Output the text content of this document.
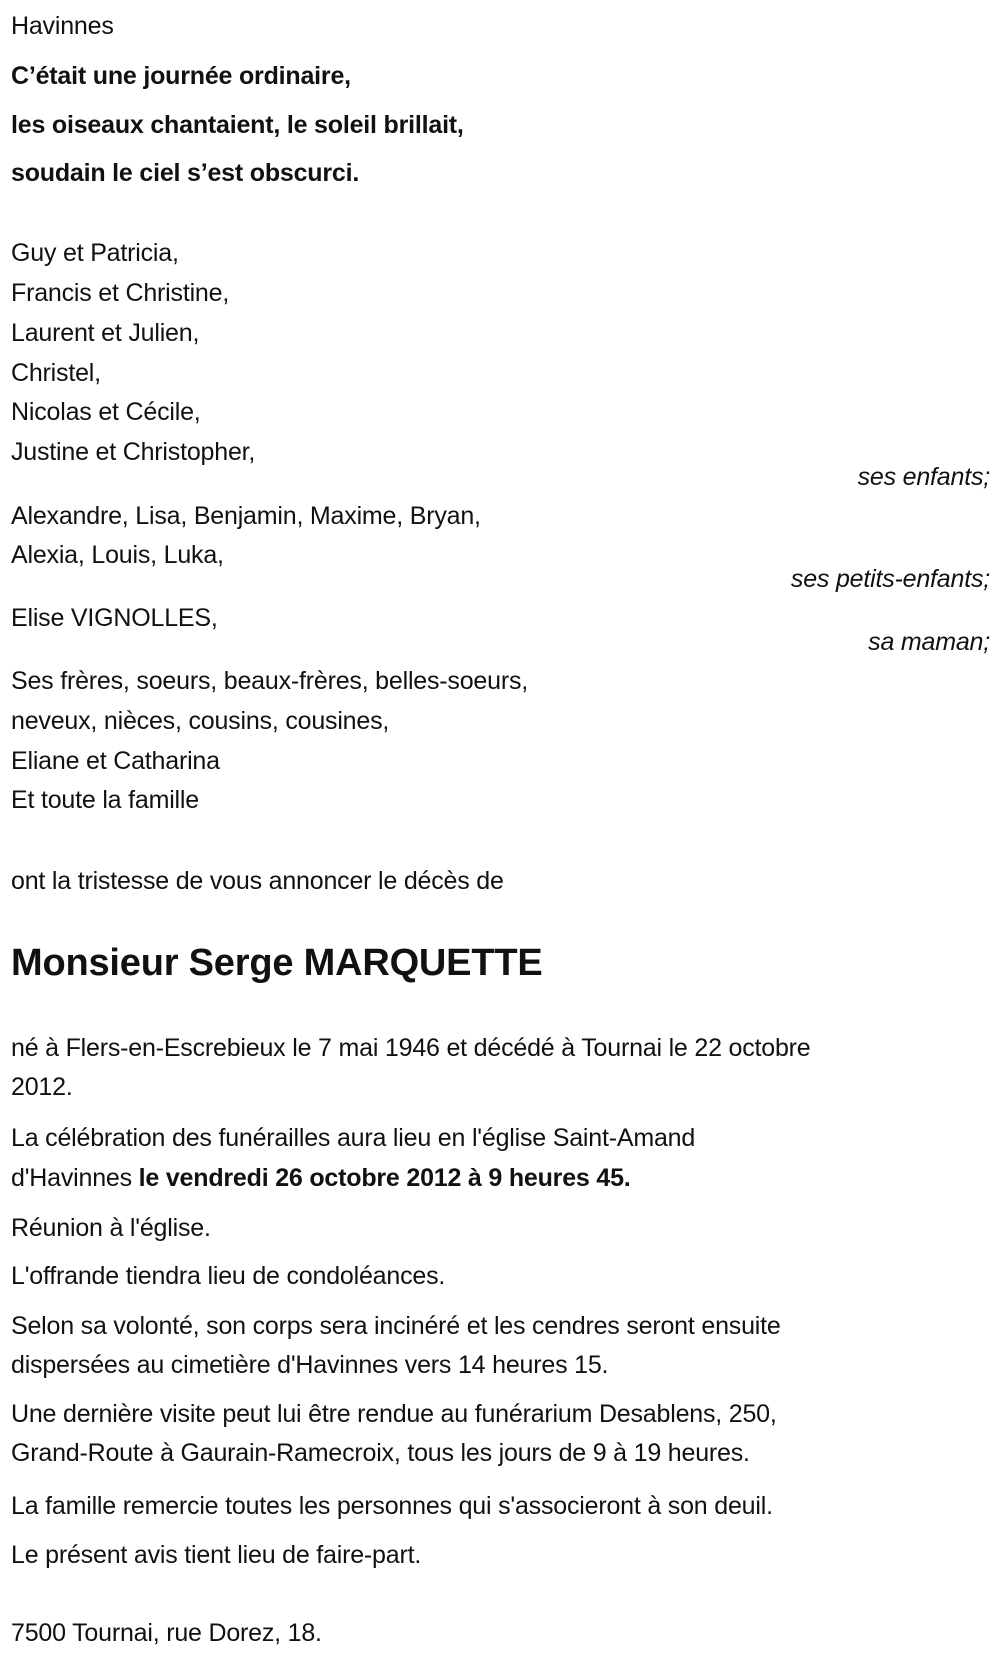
Havinnes
C’était une journée ordinaire,
les oiseaux chantaient, le soleil brillait,
soudain le ciel s’est obscurci.
Guy et Patricia,
Francis et Christine,
Laurent et Julien,
Christel,
Nicolas et Cécile,
Justine et Christopher,
ses enfants;
Alexandre, Lisa, Benjamin, Maxime, Bryan,
Alexia, Louis, Luka,
ses petits-enfants;
Elise VIGNOLLES,
sa maman;
Ses frères, soeurs, beaux-frères, belles-soeurs,
neveux, nièces, cousins, cousines,
Eliane et Catharina
Et toute la famille
ont la tristesse de vous annoncer le décès de
Monsieur Serge MARQUETTE
né à Flers-en-Escrebieux le 7 mai 1946 et décédé à Tournai le 22 octobre
2012.
La célébration des funérailles aura lieu en l'église Saint-Amand
d'Havinnes le vendredi 26 octobre 2012 à 9 heures 45.
Réunion à l'église.
L'offrande tiendra lieu de condoléances.
Selon sa volonté, son corps sera incinéré et les cendres seront ensuite
dispersées au cimetière d'Havinnes vers 14 heures 15.
Une dernière visite peut lui être rendue au funérarium Desablens, 250,
Grand-Route à Gaurain-Ramecroix, tous les jours de 9 à 19 heures.
La famille remercie toutes les personnes qui s'associeront à son deuil.
Le présent avis tient lieu de faire-part.
7500 Tournai, rue Dorez, 18.
